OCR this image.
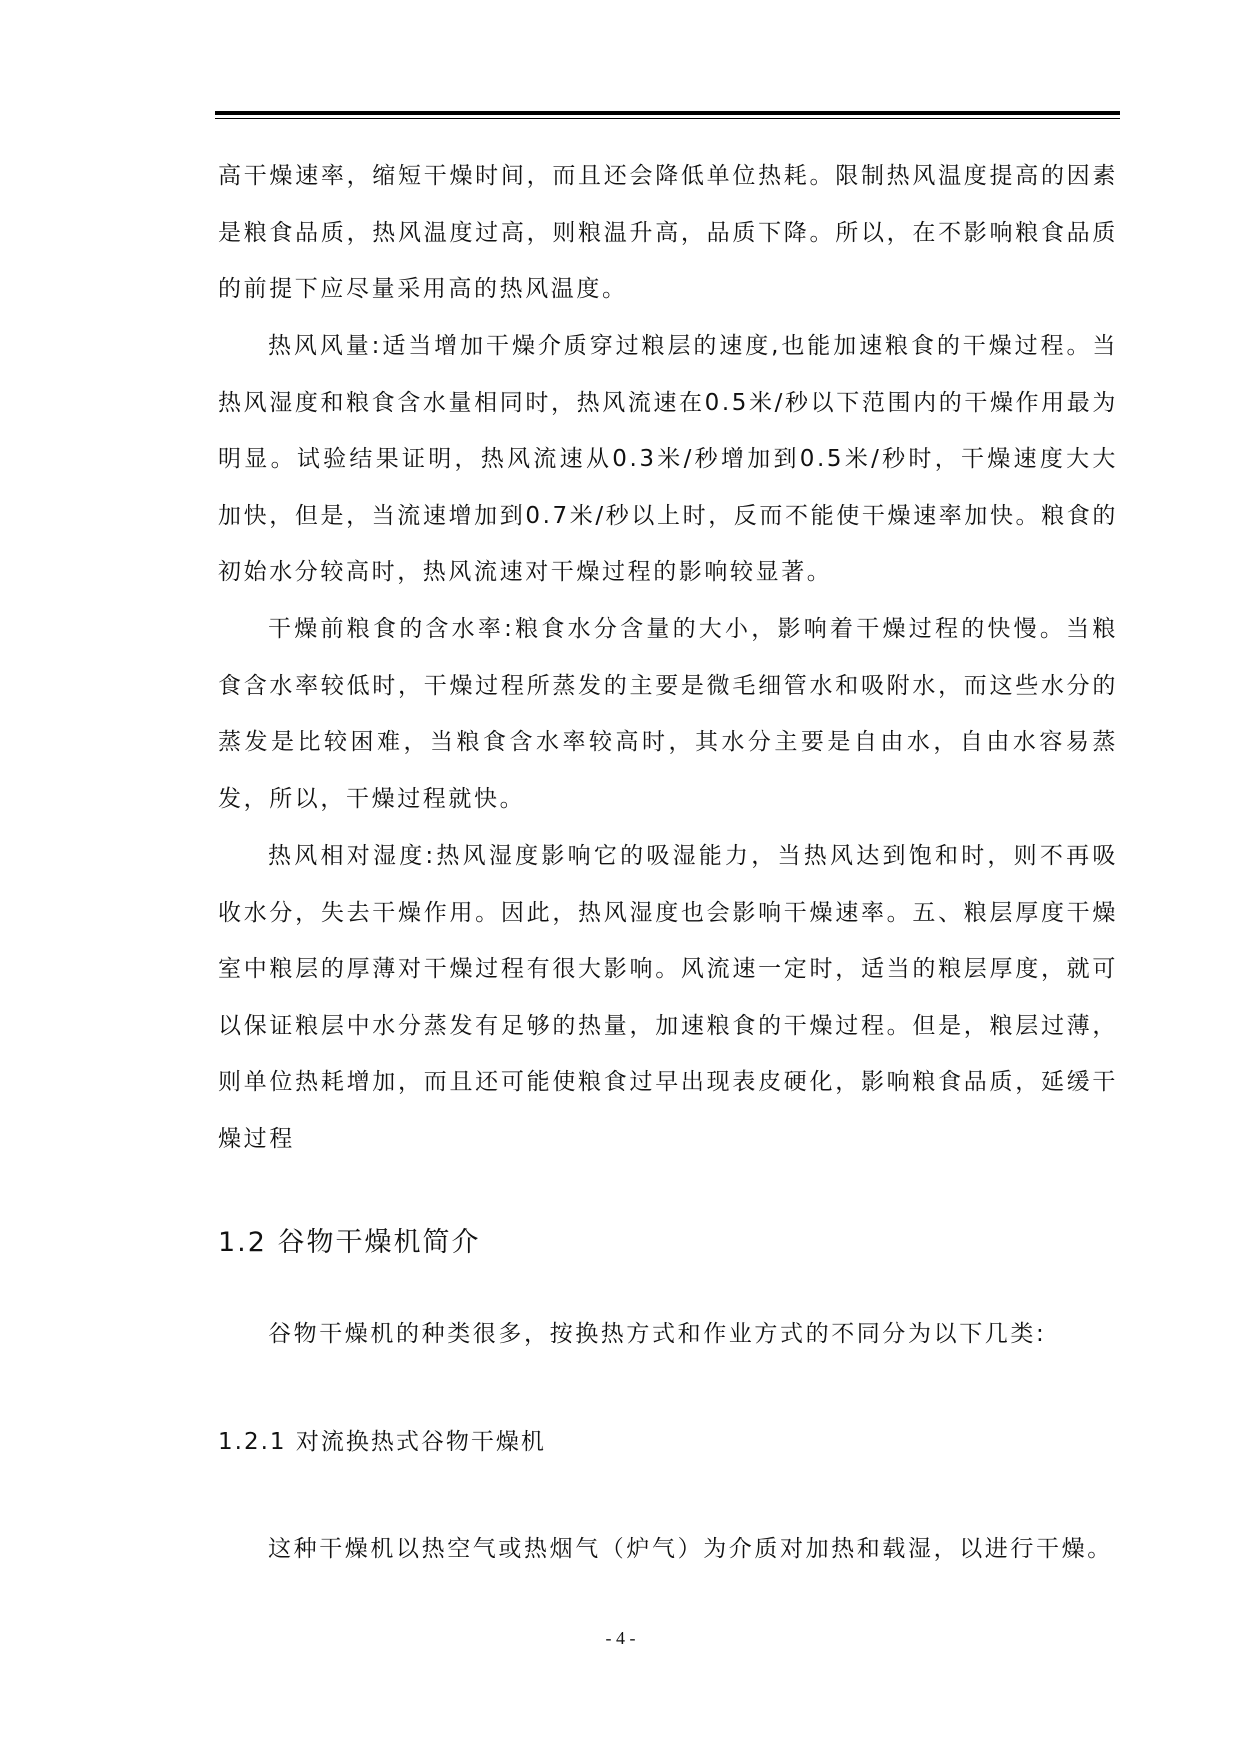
高干燥速率，缩短干燥时间，而且还会降低单位热耗。限制热风温度提高的因素是粮食品质，热风温度过高，则粮温升高，品质下降。所以，在不影响粮食品质的前提下应尽量采用高的热风温度。

热风风量:适当增加干燥介质穿过粮层的速度,也能加速粮食的干燥过程。当热风湿度和粮食含水量相同时，热风流速在0.5米/秒以下范围内的干燥作用最为明显。试验结果证明，热风流速从0.3米/秒增加到0.5米/秒时，干燥速度大大加快，但是，当流速增加到0.7米/秒以上时，反而不能使干燥速率加快。粮食的初始水分较高时，热风流速对干燥过程的影响较显著。

干燥前粮食的含水率:粮食水分含量的大小，影响着干燥过程的快慢。当粮食含水率较低时，干燥过程所蒸发的主要是微毛细管水和吸附水，而这些水分的蒸发是比较困难，当粮食含水率较高时，其水分主要是自由水，自由水容易蒸发，所以，干燥过程就快。

热风相对湿度:热风湿度影响它的吸湿能力，当热风达到饱和时，则不再吸收水分，失去干燥作用。因此，热风湿度也会影响干燥速率。五、粮层厚度干燥室中粮层的厚薄对干燥过程有很大影响。风流速一定时，适当的粮层厚度，就可以保证粮层中水分蒸发有足够的热量，加速粮食的干燥过程。但是，粮层过薄，则单位热耗增加，而且还可能使粮食过早出现表皮硬化，影响粮食品质，延缓干燥过程

1.2 谷物干燥机简介

谷物干燥机的种类很多，按换热方式和作业方式的不同分为以下几类:

1.2.1 对流换热式谷物干燥机

这种干燥机以热空气或热烟气（炉气）为介质对加热和载湿，以进行干燥。

- 4 -
